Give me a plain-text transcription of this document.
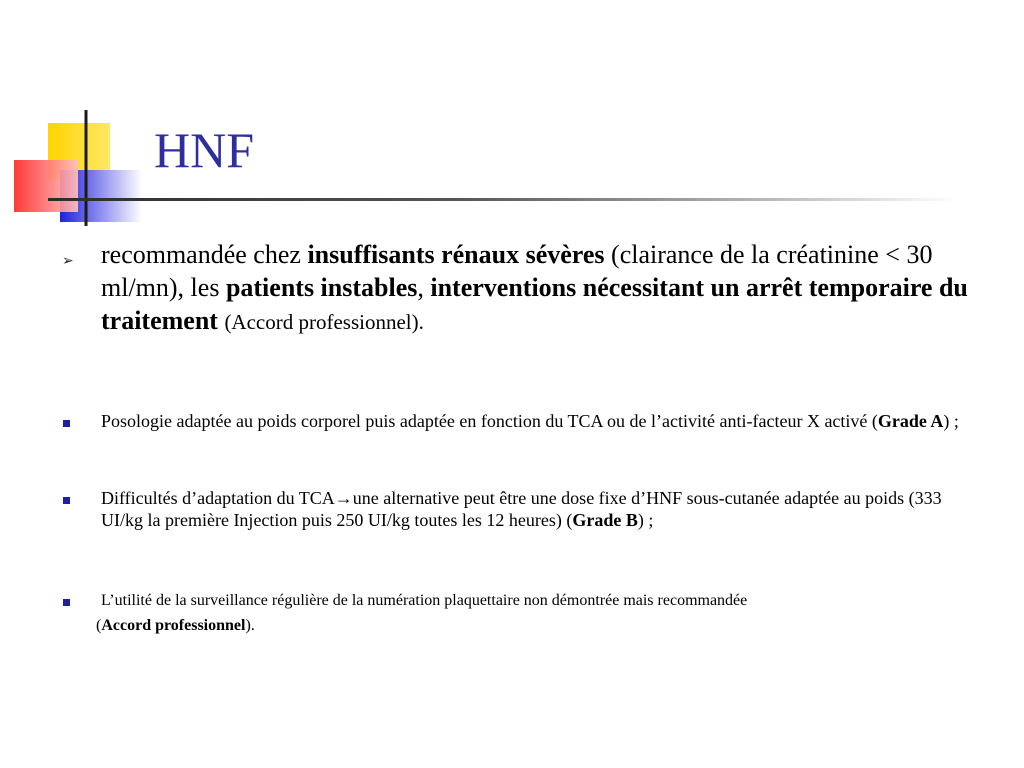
HNF
➢ recommandée chez insuffisants rénaux sévères (clairance de la créatinine < 30 ml/mn), les patients instables, interventions nécessitant un arrêt temporaire du traitement (Accord professionnel).
Posologie adaptée au poids corporel puis adaptée en fonction du TCA ou de l’activité anti-facteur X activé (Grade A) ;
Difficultés d’adaptation du TCA→une alternative peut être une dose fixe d’HNF sous-cutanée adaptée au poids (333 UI/kg la première Injection puis 250 UI/kg toutes les 12 heures) (Grade B) ;
L’utilité de la surveillance régulière de la numération plaquettaire non démontrée mais recommandée
(Accord professionnel).
